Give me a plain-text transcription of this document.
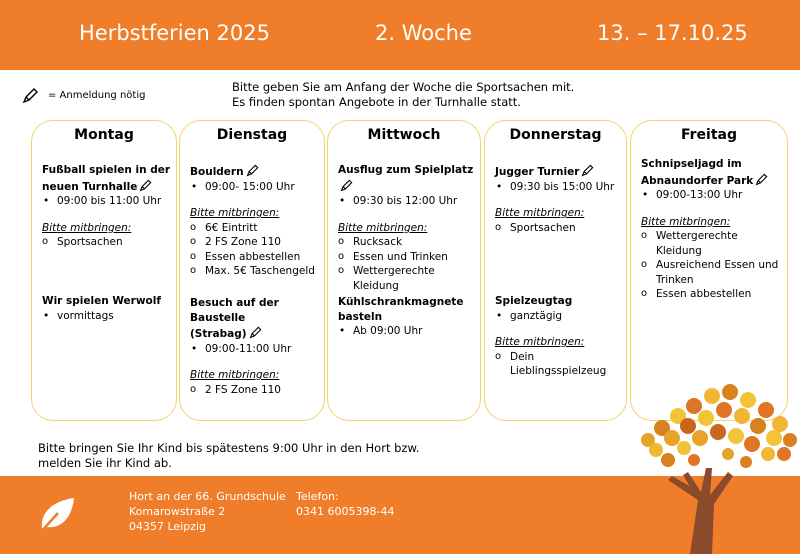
Herbstferien 2025	2. Woche	13. – 17.10.25
= Anmeldung nötig
Bitte geben Sie am Anfang der Woche die Sportsachen mit.
Es finden spontan Angebote in der Turnhalle statt.
Montag
Fußball spielen in der
neuen Turnhalle
• 09:00 bis 11:00 Uhr
Bitte mitbringen:
o Sportsachen
Wir spielen Werwolf
• vormittags
Dienstag
Bouldern
• 09:00- 15:00 Uhr
Bitte mitbringen:
o 6€ Eintritt
o 2 FS Zone 110
o Essen abbestellen
o Max. 5€ Taschengeld
Besuch auf der Baustelle
(Strabag)
• 09:00-11:00 Uhr
Bitte mitbringen:
o 2 FS Zone 110
Mittwoch
Ausflug zum Spielplatz
• 09:30 bis 12:00 Uhr
Bitte mitbringen:
o Rucksack
o Essen und Trinken
o Wettergerechte Kleidung
Kühlschrankmagnete
basteln
• Ab 09:00 Uhr
Donnerstag
Jugger Turnier
• 09:30 bis 15:00 Uhr
Bitte mitbringen:
o Sportsachen
Spielzeugtag
• ganztägig
Bitte mitbringen:
o Dein Lieblingsspielzeug
Freitag
Schnipseljagd im
Abnaundorfer Park
• 09:00-13:00 Uhr
Bitte mitbringen:
o Wettergerechte Kleidung
o Ausreichend Essen und Trinken
o Essen abbestellen
Bitte bringen Sie Ihr Kind bis spätestens 9:00 Uhr in den Hort bzw.
melden Sie ihr Kind ab.
Hort an der 66. Grundschule
Komarowstraße 2
04357 Leipzig
Telefon:
0341 6005398-44
